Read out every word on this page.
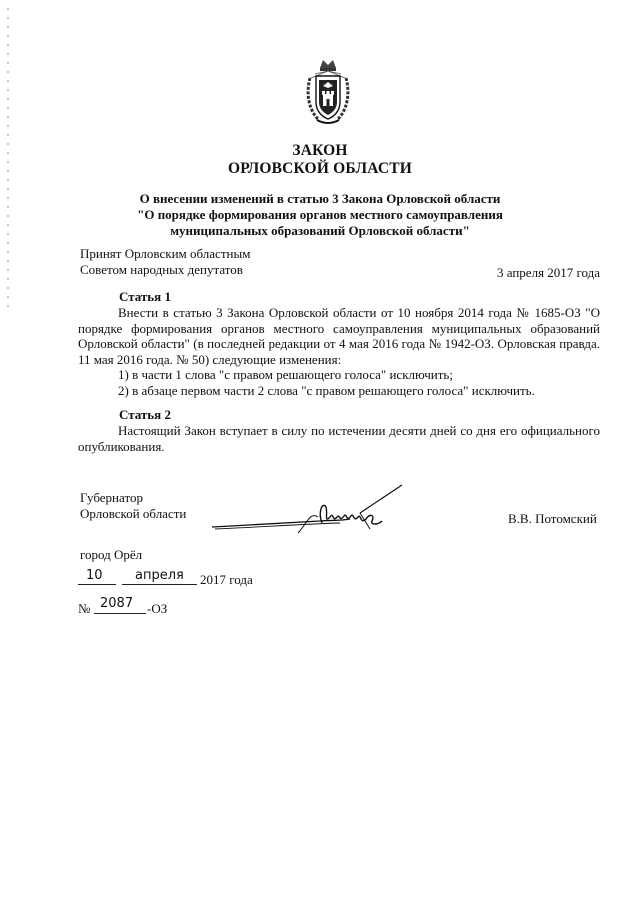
ЗАКОН
ОРЛОВСКОЙ ОБЛАСТИ
О внесении изменений в статью 3 Закона Орловской области
"О порядке формирования органов местного самоуправления
муниципальных образований Орловской области"
Принят Орловским областным
Советом народных депутатов	3 апреля 2017 года
Статья 1

Внести в статью 3 Закона Орловской области от 10 ноября 2014 года № 1685-ОЗ "О порядке формирования органов местного самоуправления муниципальных образований Орловской области" (в последней редакции от 4 мая 2016 года № 1942-ОЗ. Орловская правда. 11 мая 2016 года. № 50) следующие изменения:

1) в части 1 слова "с правом решающего голоса" исключить;

2) в абзаце первом части 2 слова "с правом решающего голоса" исключить.

Статья 2

Настоящий Закон вступает в силу по истечении десяти дней со дня его официального опубликования.

Губернатор
Орловской области	В.В. Потомский
город Орёл
10 апреля 2017 года
№ 2087 -ОЗ
